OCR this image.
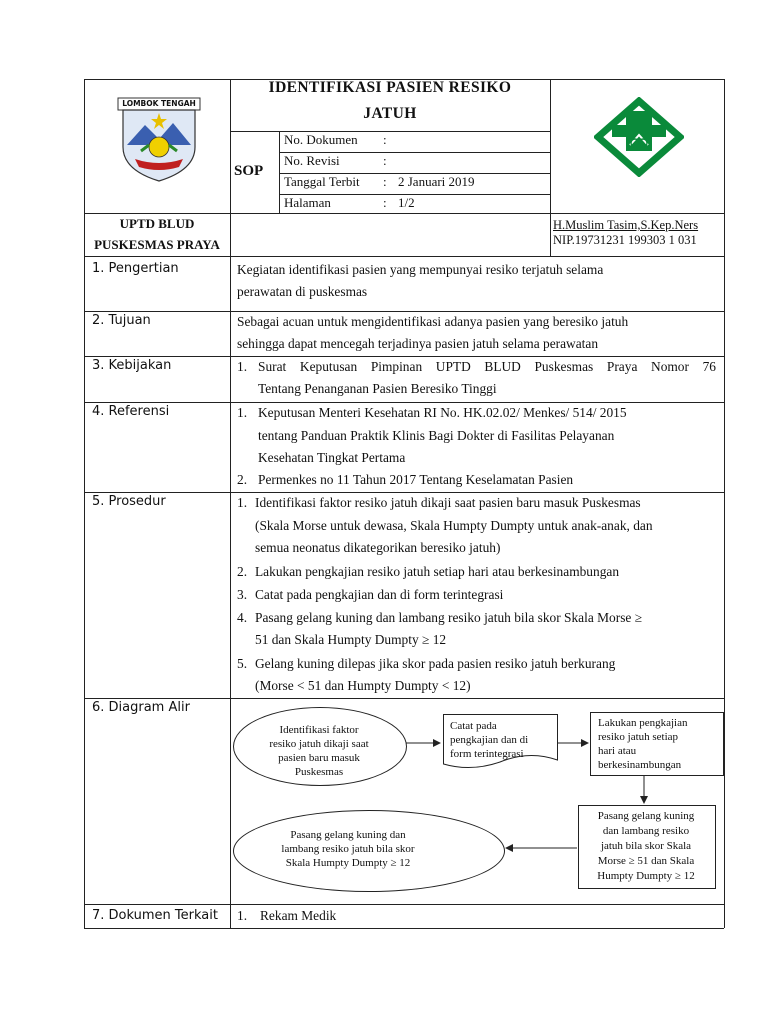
LOMBOK TENGAH
IDENTIFIKASI PASIEN RESIKO
JATUH
SOP
No. Dokumen :
No. Revisi	:
Tanggal Terbit : 2 Januari 2019
Halaman	: 1/2
UPTD BLUD
PUSKESMAS PRAYA
H.Muslim Tasim,S.Kep.Ners
NIP.19731231 199303 1 031
1. Pengertian	Kegiatan identifikasi pasien yang mempunyai resiko terjatuh selama
perawatan di puskesmas
2. Tujuan	Sebagai acuan untuk mengidentifikasi adanya pasien yang beresiko jatuh
sehingga dapat mencegah terjadinya pasien jatuh selama perawatan
3. Kebijakan	1. Surat Keputusan Pimpinan UPTD BLUD Puskesmas Praya Nomor 76
Tentang Penanganan Pasien Beresiko Tinggi
4. Referensi	1. Keputusan Menteri Kesehatan RI No. HK.02.02/ Menkes/ 514/ 2015
tentang Panduan Praktik Klinis Bagi Dokter di Fasilitas Pelayanan
Kesehatan Tingkat Pertama
2. Permenkes no 11 Tahun 2017 Tentang Keselamatan Pasien
5. Prosedur	1. Identifikasi faktor resiko jatuh dikaji saat pasien baru masuk Puskesmas
(Skala Morse untuk dewasa, Skala Humpty Dumpty untuk anak-anak, dan
semua neonatus dikategorikan beresiko jatuh)
2. Lakukan pengkajian resiko jatuh setiap hari atau berkesinambungan
3. Catat pada pengkajian dan di form terintegrasi
4. Pasang gelang kuning dan lambang resiko jatuh bila skor Skala Morse ≥
51 dan Skala Humpty Dumpty ≥ 12
5. Gelang kuning dilepas jika skor pada pasien resiko jatuh berkurang
(Morse < 51 dan Humpty Dumpty < 12)
6. Diagram Alir
Identifikasi faktor
resiko jatuh dikaji saat
pasien baru masuk
Puskesmas
Catat pada
pengkajian dan di
form terintegrasi
Lakukan pengkajian
resiko jatuh setiap
hari atau
berkesinambungan
Pasang gelang kuning
dan lambang resiko
jatuh bila skor Skala
Morse ≥ 51 dan Skala
Humpty Dumpty ≥ 12
Pasang gelang kuning dan
lambang resiko jatuh bila skor
Skala Humpty Dumpty ≥ 12
7. Dokumen Terkait 1. Rekam Medik
